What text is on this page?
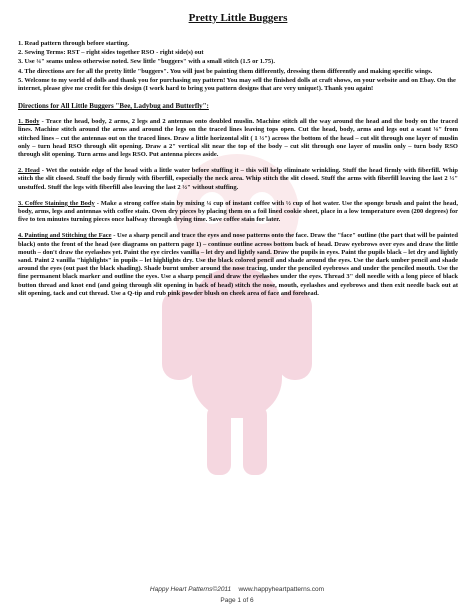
Pretty Little Buggers
1. Read pattern through before starting.
2. Sewing Terms: RST – right sides together RSO - right side(s) out
3. Use ¼" seams unless otherwise noted. Sew little "buggers" with a small stitch (1.5 or 1.75).
4. The directions are for all the pretty little "buggers". You will just be painting them differently, dressing them differently and making specific wings.
5. Welcome to my world of dolls and thank you for purchasing my pattern! You may sell the finished dolls at craft shows, on your website and on Ebay. On the internet, please give me credit for this design (I work hard to bring you pattern designs that are very unique!). Thank you again!
Directions for All Little Buggers "Bee, Ladybug and Butterfly":

1. Body - Trace the head, body, 2 arms, 2 legs and 2 antennas onto doubled muslin. Machine stitch all the way around the head and the body on the traced lines. Machine stitch around the arms and around the legs on the traced lines leaving tops open. Cut the head, body, arms and legs out a scant ⅛" from stitched lines – cut the antennas out on the traced lines. Draw a little horizontal slit ( 1 ½") across the bottom of the head – cut slit through one layer of muslin only – turn head RSO through slit opening. Draw a 2" vertical slit near the top of the body – cut slit through one layer of muslin only – turn body RSO through slit opening. Turn arms and legs RSO. Put antenna pieces aside.

2. Head - Wet the outside edge of the head with a little water before stuffing it – this will help eliminate wrinkling. Stuff the head firmly with fiberfill. Whip stitch the slit closed. Stuff the body firmly with fiberfill, especially the neck area. Whip stitch the slit closed. Stuff the arms with fiberfill leaving the last 2 ½" unstuffed. Stuff the legs with fiberfill also leaving the last 2 ½" without stuffing.

3. Coffee Staining the Body - Make a strong coffee stain by mixing ¼ cup of instant coffee with ½ cup of hot water. Use the sponge brush and paint the head, body, arms, legs and antennas with coffee stain. Oven dry pieces by placing them on a foil lined cookie sheet, place in a low temperature oven (200 degrees) for five to ten minutes turning pieces once halfway through drying time. Save coffee stain for later.

4. Painting and Stitching the Face - Use a sharp pencil and trace the eyes and nose patterns onto the face. Draw the "face" outline (the part that will be painted black) onto the front of the head (see diagrams on pattern page 1) – continue outline across bottom back of head. Draw eyebrows over eyes and draw the little mouth – don't draw the eyelashes yet. Paint the eye circles vanilla – let dry and lightly sand. Draw the pupils in eyes. Paint the pupils black – let dry and lightly sand. Paint 2 vanilla "highlights" in pupils – let highlights dry. Use the black colored pencil and shade around the eyes. Use the dark umber pencil and shade around the eyes (out past the black shading). Shade burnt umber around the nose tracing, under the penciled eyebrows and under the penciled mouth. Use the fine permanent black marker and outline the eyes. Use a sharp pencil and draw the eyelashes under the eyes. Thread 3" doll needle with a long piece of black button thread and knot end (and going through slit opening in back of head) stitch the nose, mouth, eyelashes and eyebrows and then exit needle back out at slit opening, tack and cut thread. Use a Q-tip and rub pink powder blush on cheek area of face and forehead.

Happy Heart Patterns©2011 www.happyheartpatterns.com
Page 1 of 6
